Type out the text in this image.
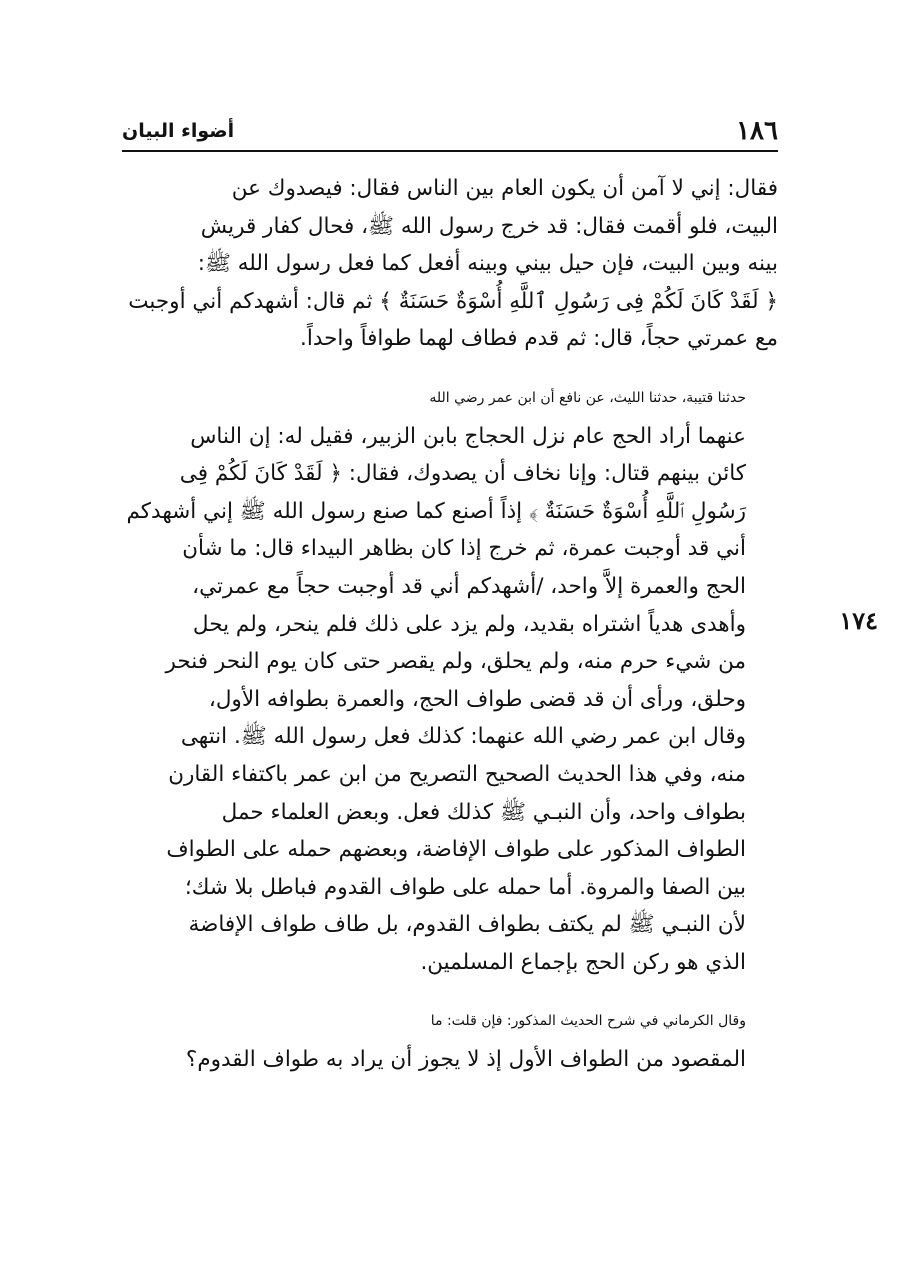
١٨٦
أضواء البيان
١٧٤

فقال: إني لا آمن أن يكون العام بين الناس فقال: فيصدوك عن
البيت، فلو أقمت فقال: قد خرج رسول الله ﷺ، فحال كفار قريش
بينه وبين البيت، فإن حيل بيني وبينه أفعل كما فعل رسول الله ﷺ:
﴿ لَقَدْ كَانَ لَكُمْ فِى رَسُولِ ٱللَّهِ أُسْوَةٌ حَسَنَةٌ ﴾ ثم قال: أشهدكم أني أوجبت
مع عمرتي حجاً، قال: ثم قدم فطاف لهما طوافاً واحداً.

حدثنا قتيبة، حدثنا الليث، عن نافع أن ابن عمر رضي الله
عنهما أراد الحج عام نزل الحجاج بابن الزبير، فقيل له: إن الناس
كائن بينهم قتال: وإنا نخاف أن يصدوك، فقال: ﴿ لَقَدْ كَانَ لَكُمْ فِى
رَسُولِ ٱللَّهِ أُسْوَةٌ حَسَنَةٌ ﴾ إذاً أصنع كما صنع رسول الله ﷺ إني أشهدكم
أني قد أوجبت عمرة، ثم خرج إذا كان بظاهر البيداء قال: ما شأن
الحج والعمرة إلاَّ واحد، /أشهدكم أني قد أوجبت حجاً مع عمرتي،
وأهدى هدياً اشتراه بقديد، ولم يزد على ذلك فلم ينحر، ولم يحل
من شيء حرم منه، ولم يحلق، ولم يقصر حتى كان يوم النحر فنحر
وحلق، ورأى أن قد قضى طواف الحج، والعمرة بطوافه الأول،
وقال ابن عمر رضي الله عنهما: كذلك فعل رسول الله ﷺ. انتهى
منه، وفي هذا الحديث الصحيح التصريح من ابن عمر باكتفاء القارن
بطواف واحد، وأن النبـي ﷺ كذلك فعل. وبعض العلماء حمل
الطواف المذكور على طواف الإفاضة، وبعضهم حمله على الطواف
بين الصفا والمروة. أما حمله على طواف القدوم فباطل بلا شك؛
لأن النبـي ﷺ لم يكتف بطواف القدوم، بل طاف طواف الإفاضة
الذي هو ركن الحج بإجماع المسلمين.

وقال الكرماني في شرح الحديث المذكور: فإن قلت: ما
المقصود من الطواف الأول إذ لا يجوز أن يراد به طواف القدوم؟
